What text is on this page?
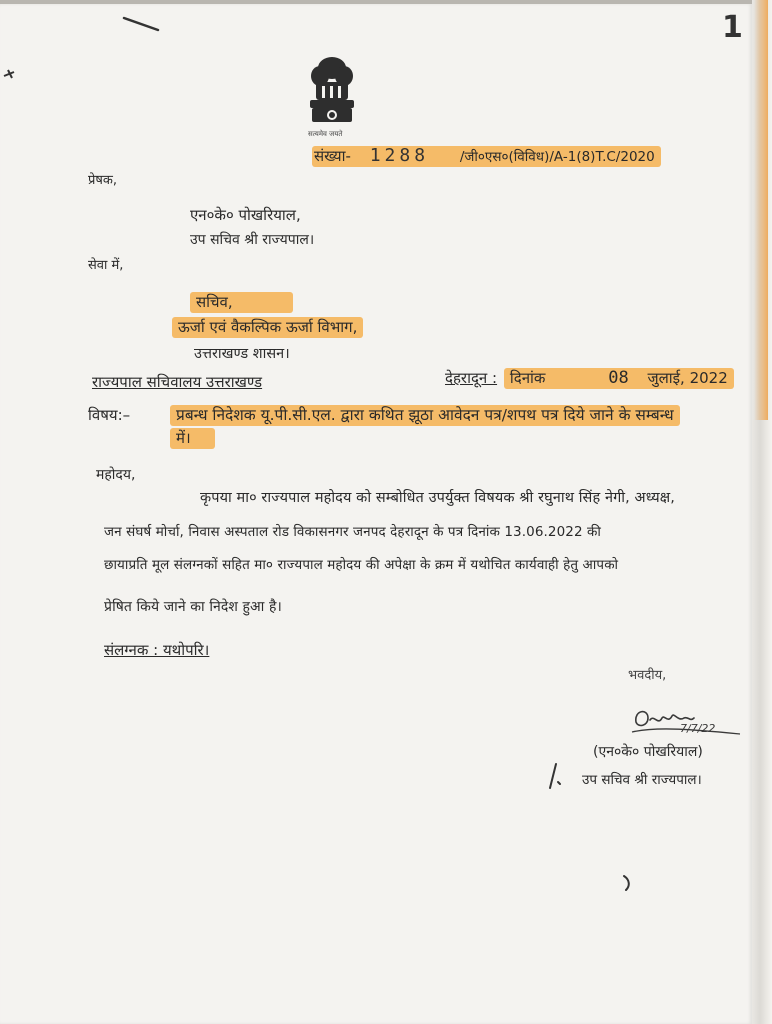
1
सत्यमेव जयते
संख्या- 1288 /जी०एस०(विविध)/A-1(8)T.C/2020
प्रेषक,
एन०के० पोखरियाल,
उप सचिव श्री राज्यपाल।
सेवा में,
सचिव,
ऊर्जा एवं वैकल्पिक ऊर्जा विभाग,
उत्तराखण्ड शासन।
राज्यपाल सचिवालय उत्तराखण्ड	देहरादून : दिनांक	08 जुलाई, 2022
विषय:–	प्रबन्ध निदेशक यू.पी.सी.एल. द्वारा कथित झूठा आवेदन पत्र/शपथ पत्र दिये जाने के सम्बन्ध
में।
महोदय,
कृपया मा० राज्यपाल महोदय को सम्बोधित उपर्युक्त विषयक श्री रघुनाथ सिंह नेगी, अध्यक्ष,
जन संघर्ष मोर्चा, निवास अस्पताल रोड विकासनगर जनपद देहरादून के पत्र दिनांक 13.06.2022 की
छायाप्रति मूल संलग्नकों सहित मा० राज्यपाल महोदय की अपेक्षा के क्रम में यथोचित कार्यवाही हेतु आपको
प्रेषित किये जाने का निदेश हुआ है।
संलग्नक : यथोपरि।
भवदीय,
7/7/22
(एन०के० पोखरियाल)
उप सचिव श्री राज्यपाल।
